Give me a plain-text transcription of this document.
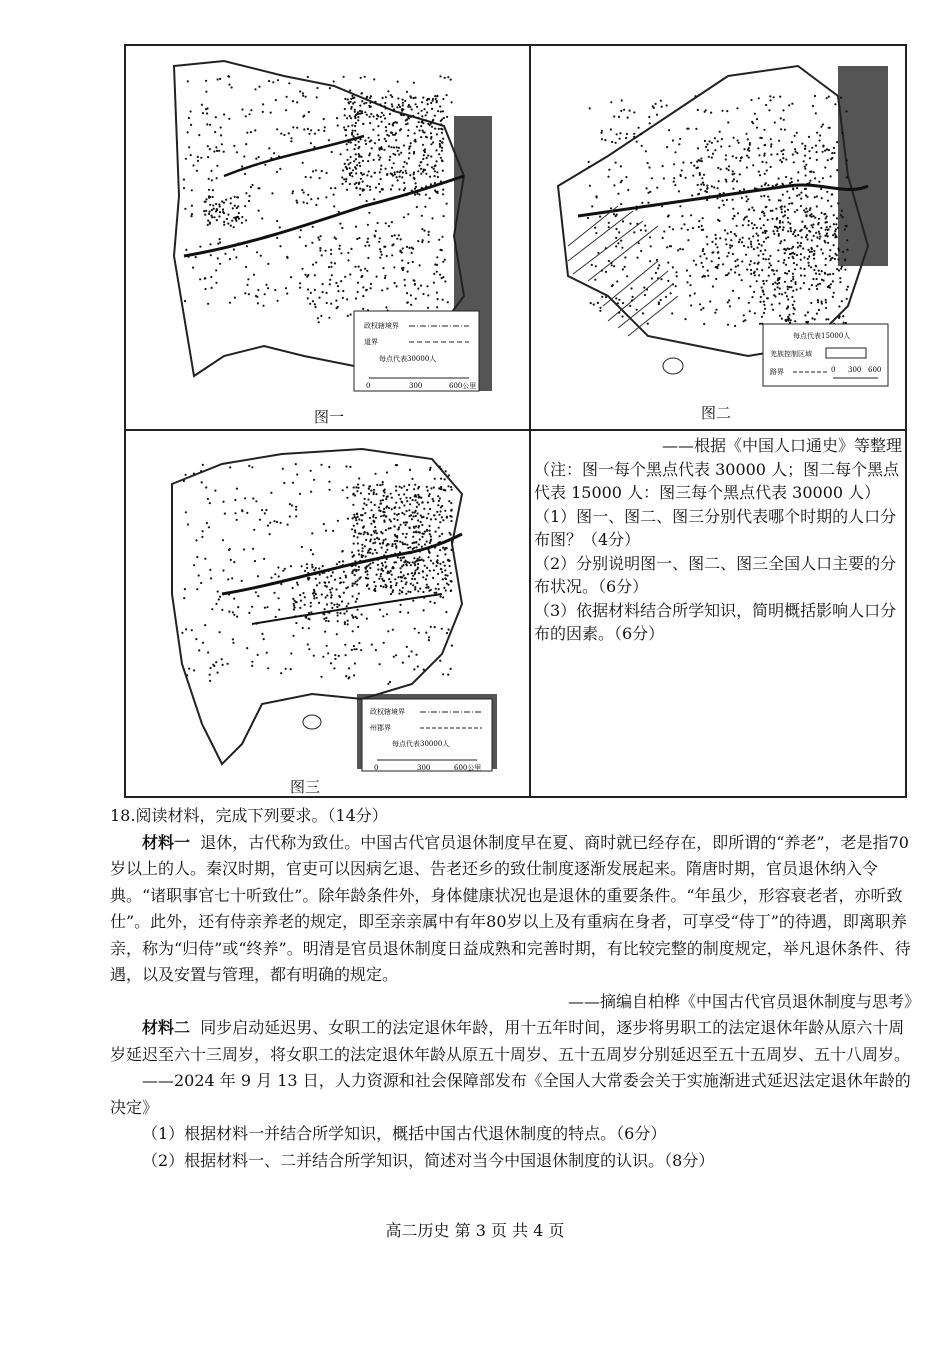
政权辖境界
道界
每点代表30000人
0	300	600公里
图一
每点代表15000人
羌族控制区域
路界	0 300 600
图二
政权辖境界
州郡界
每点代表30000人
0	300	600公里
图三

——根据《中国人口通史》等整理

（注：图一每个黑点代表 30000 人；图二每个黑点代表 15000 人：图三每个黑点代表 30000 人）

（1）图一、图二、图三分别代表哪个时期的人口分布图？（4分）

（2）分别说明图一、图二、图三全国人口主要的分布状况。（6分）

（3）依据材料结合所学知识，简明概括影响人口分布的因素。（6分）

18.阅读材料，完成下列要求。（14分）

材料一 退休，古代称为致仕。中国古代官员退休制度早在夏、商时就已经存在，即所谓的“养老”，老是指70岁以上的人。秦汉时期，官吏可以因病乞退、告老还乡的致仕制度逐渐发展起来。隋唐时期，官员退休纳入令典。“诸职事官七十听致仕”。除年龄条件外，身体健康状况也是退休的重要条件。“年虽少，形容衰老者，亦听致仕”。此外，还有侍亲养老的规定，即至亲亲属中有年80岁以上及有重病在身者，可享受“侍丁”的待遇，即离职养亲，称为“归侍”或“终养”。明清是官员退休制度日益成熟和完善时期，有比较完整的制度规定，举凡退休条件、待遇，以及安置与管理，都有明确的规定。

——摘编自柏桦《中国古代官员退休制度与思考》

材料二 同步启动延迟男、女职工的法定退休年龄，用十五年时间，逐步将男职工的法定退休年龄从原六十周岁延迟至六十三周岁，将女职工的法定退休年龄从原五十周岁、五十五周岁分别延迟至五十五周岁、五十八周岁。

——2024 年 9 月 13 日，人力资源和社会保障部发布《全国人大常委会关于实施渐进式延迟法定退休年龄的决定》

（1）根据材料一并结合所学知识，概括中国古代退休制度的特点。（6分）

（2）根据材料一、二并结合所学知识，简述对当今中国退休制度的认识。（8分）

高二历史 第 3 页 共 4 页
